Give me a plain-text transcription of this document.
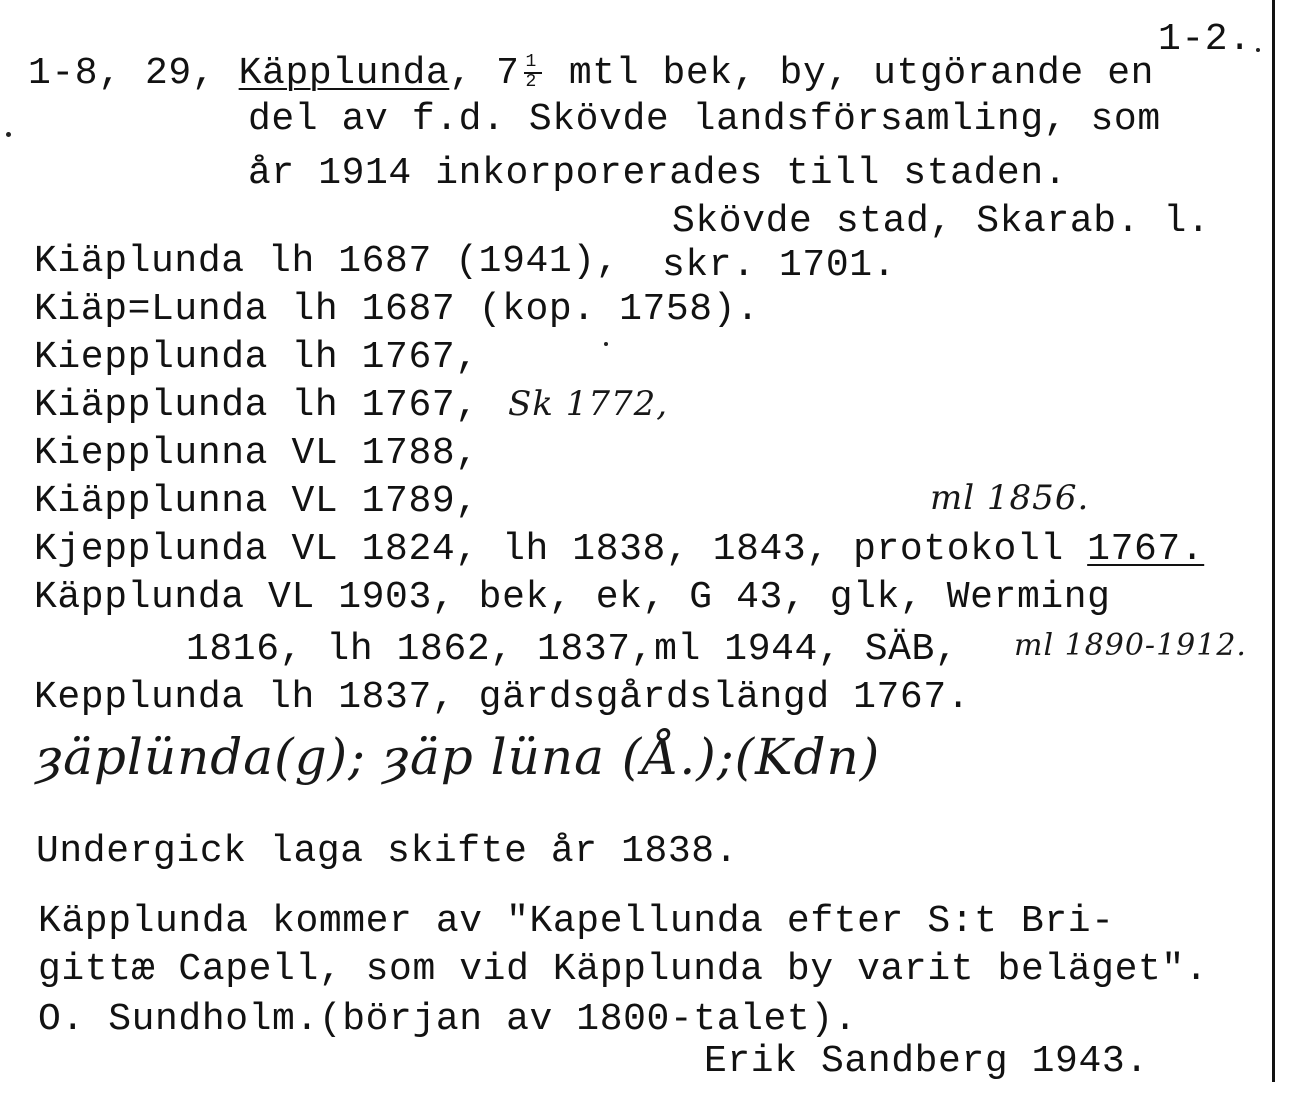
1-2.
1-8, 29, Käpplunda, $7 \frac{1}{2}$ mtl bek, by, utgörande en
del av f.d. Skövde landsförsamling, som
år 1914 inkorporerades till staden.
Skövde stad, Skarab. l.
Kiäplunda lh 1687 (1941), skr. 1701.
Kiäp=Lunda lh 1687 (kop. 1758).
Kiepplunda lh 1767,
Kiäpplunda lh 1767, Sk 1772,
Kiepplunna VL 1788,
Kiäpplunna VL 1789,	ml 1856.
Kjepplunda VL 1824, lh 1838, 1843, protokoll 1767.
Käpplunda VL 1903, bek, ek, G 43, glk, Werming
1816, lh 1862, 1837,ml 1944, SÄB, ml 1890-1912.
Kepplunda lh 1837, gärdsgårdslängd 1767.
ȝäplünda(g); ȝäp lüna (Å.);(Kdn)
Undergick laga skifte år 1838.
Käpplunda kommer av "Kapellunda efter S:t Bri-
gittæ Capell, som vid Käpplunda by varit beläget".
O. Sundholm.(början av 1800-talet).
Erik Sandberg 1943.
